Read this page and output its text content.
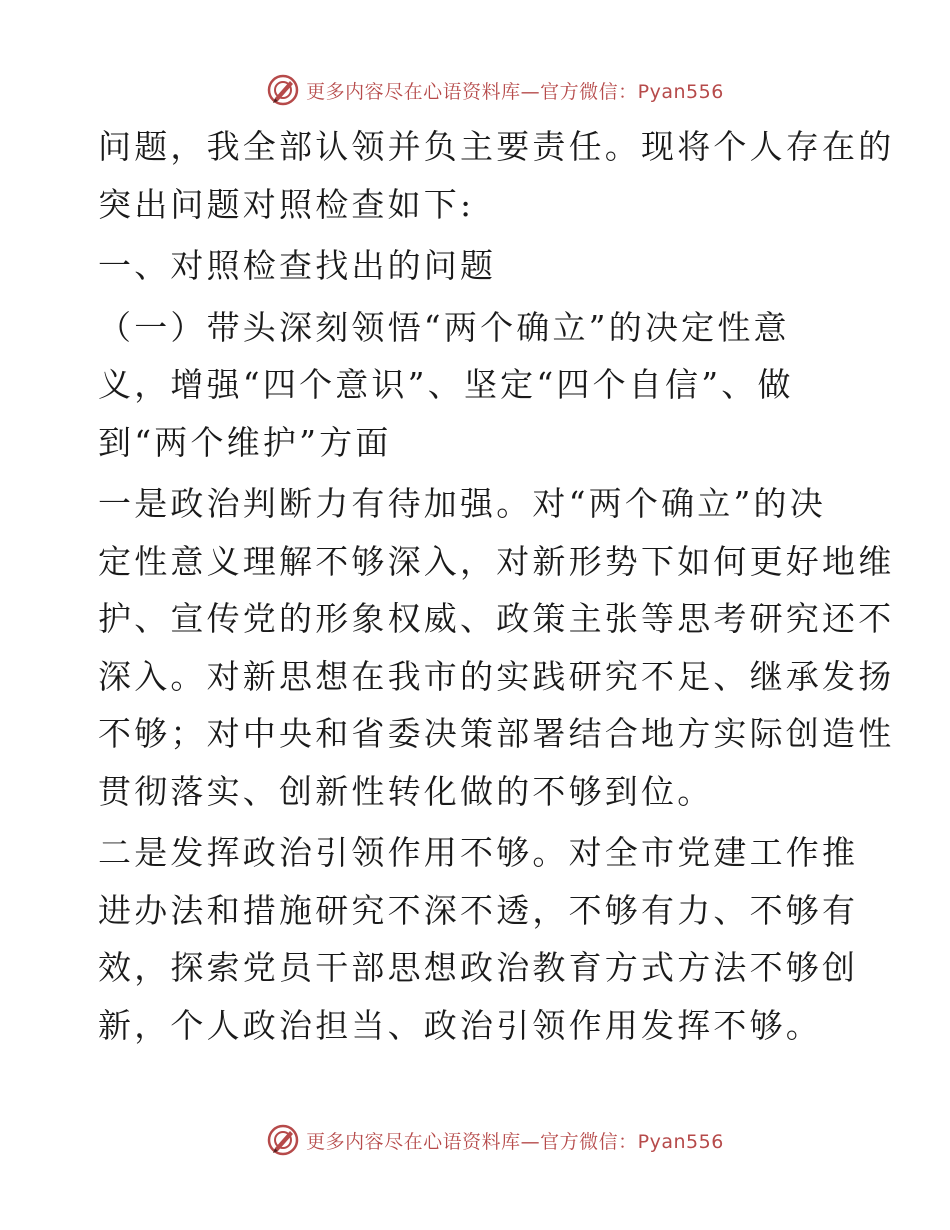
更多内容尽在心语资料库—官方微信：Pyan556
问题，我全部认领并负主要责任。现将个人存在的
突出问题对照检查如下:
一、对照检查找出的问题
（一）带头深刻领悟“两个确立”的决定性意
义，增强“四个意识”、坚定“四个自信”、做
到“两个维护”方面
一是政治判断力有待加强。对“两个确立”的决
定性意义理解不够深入，对新形势下如何更好地维
护、宣传党的形象权威、政策主张等思考研究还不
深入。对新思想在我市的实践研究不足、继承发扬
不够；对中央和省委决策部署结合地方实际创造性
贯彻落实、创新性转化做的不够到位。
二是发挥政治引领作用不够。对全市党建工作推
进办法和措施研究不深不透，不够有力、不够有
效，探索党员干部思想政治教育方式方法不够创
新，个人政治担当、政治引领作用发挥不够。
更多内容尽在心语资料库—官方微信：Pyan556
